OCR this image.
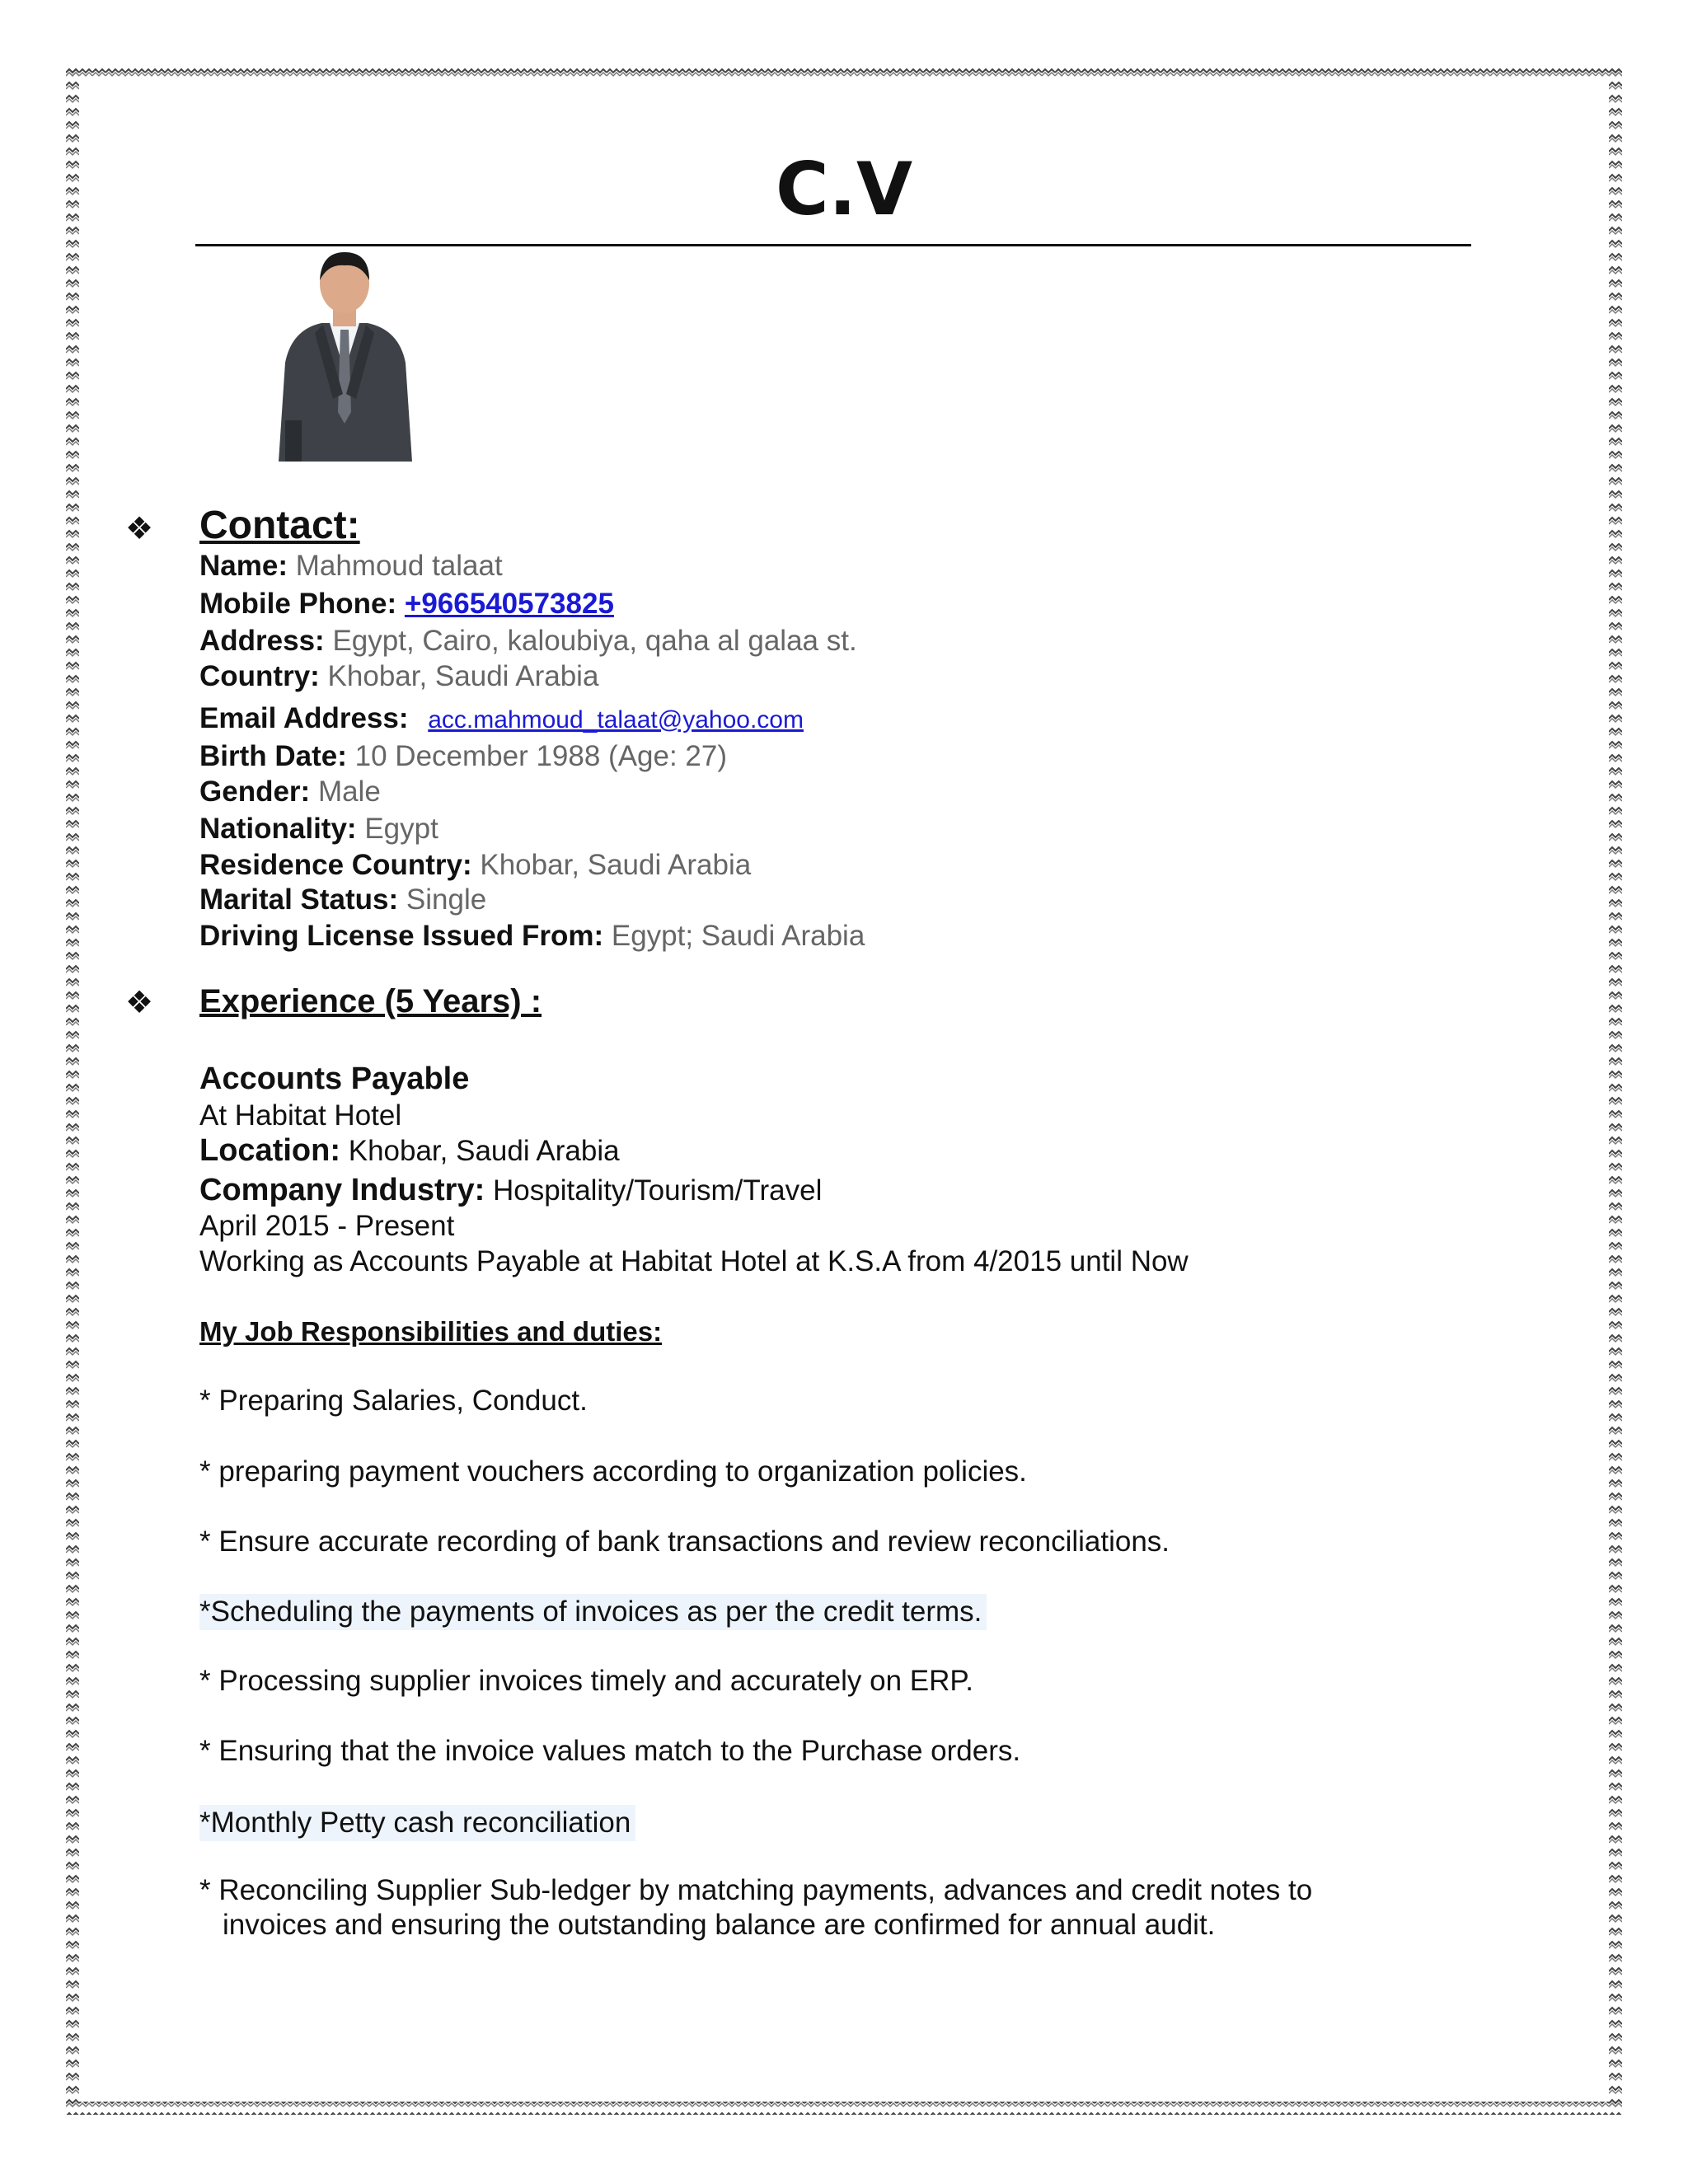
C.V
❖ Contact:
Name: Mahmoud talaat
Mobile Phone: +966540573825
Address: Egypt, Cairo, kaloubiya, qaha al galaa st.
Country: Khobar, Saudi Arabia
Email Address: acc.mahmoud_talaat@yahoo.com
Birth Date: 10 December 1988 (Age: 27)
Gender: Male
Nationality: Egypt
Residence Country: Khobar, Saudi Arabia
Marital Status: Single
Driving License Issued From: Egypt; Saudi Arabia
❖ Experience (5 Years) :
Accounts Payable
At Habitat Hotel
Location: Khobar, Saudi Arabia
Company Industry: Hospitality/Tourism/Travel
April 2015 - Present
Working as Accounts Payable at Habitat Hotel at K.S.A from 4/2015 until Now
My Job Responsibilities and duties:
* Preparing Salaries, Conduct.
* preparing payment vouchers according to organization policies.
* Ensure accurate recording of bank transactions and review reconciliations.
*Scheduling the payments of invoices as per the credit terms.
* Processing supplier invoices timely and accurately on ERP.
* Ensuring that the invoice values match to the Purchase orders.
*Monthly Petty cash reconciliation
* Reconciling Supplier Sub-ledger by matching payments, advances and credit notes to
invoices and ensuring the outstanding balance are confirmed for annual audit.
